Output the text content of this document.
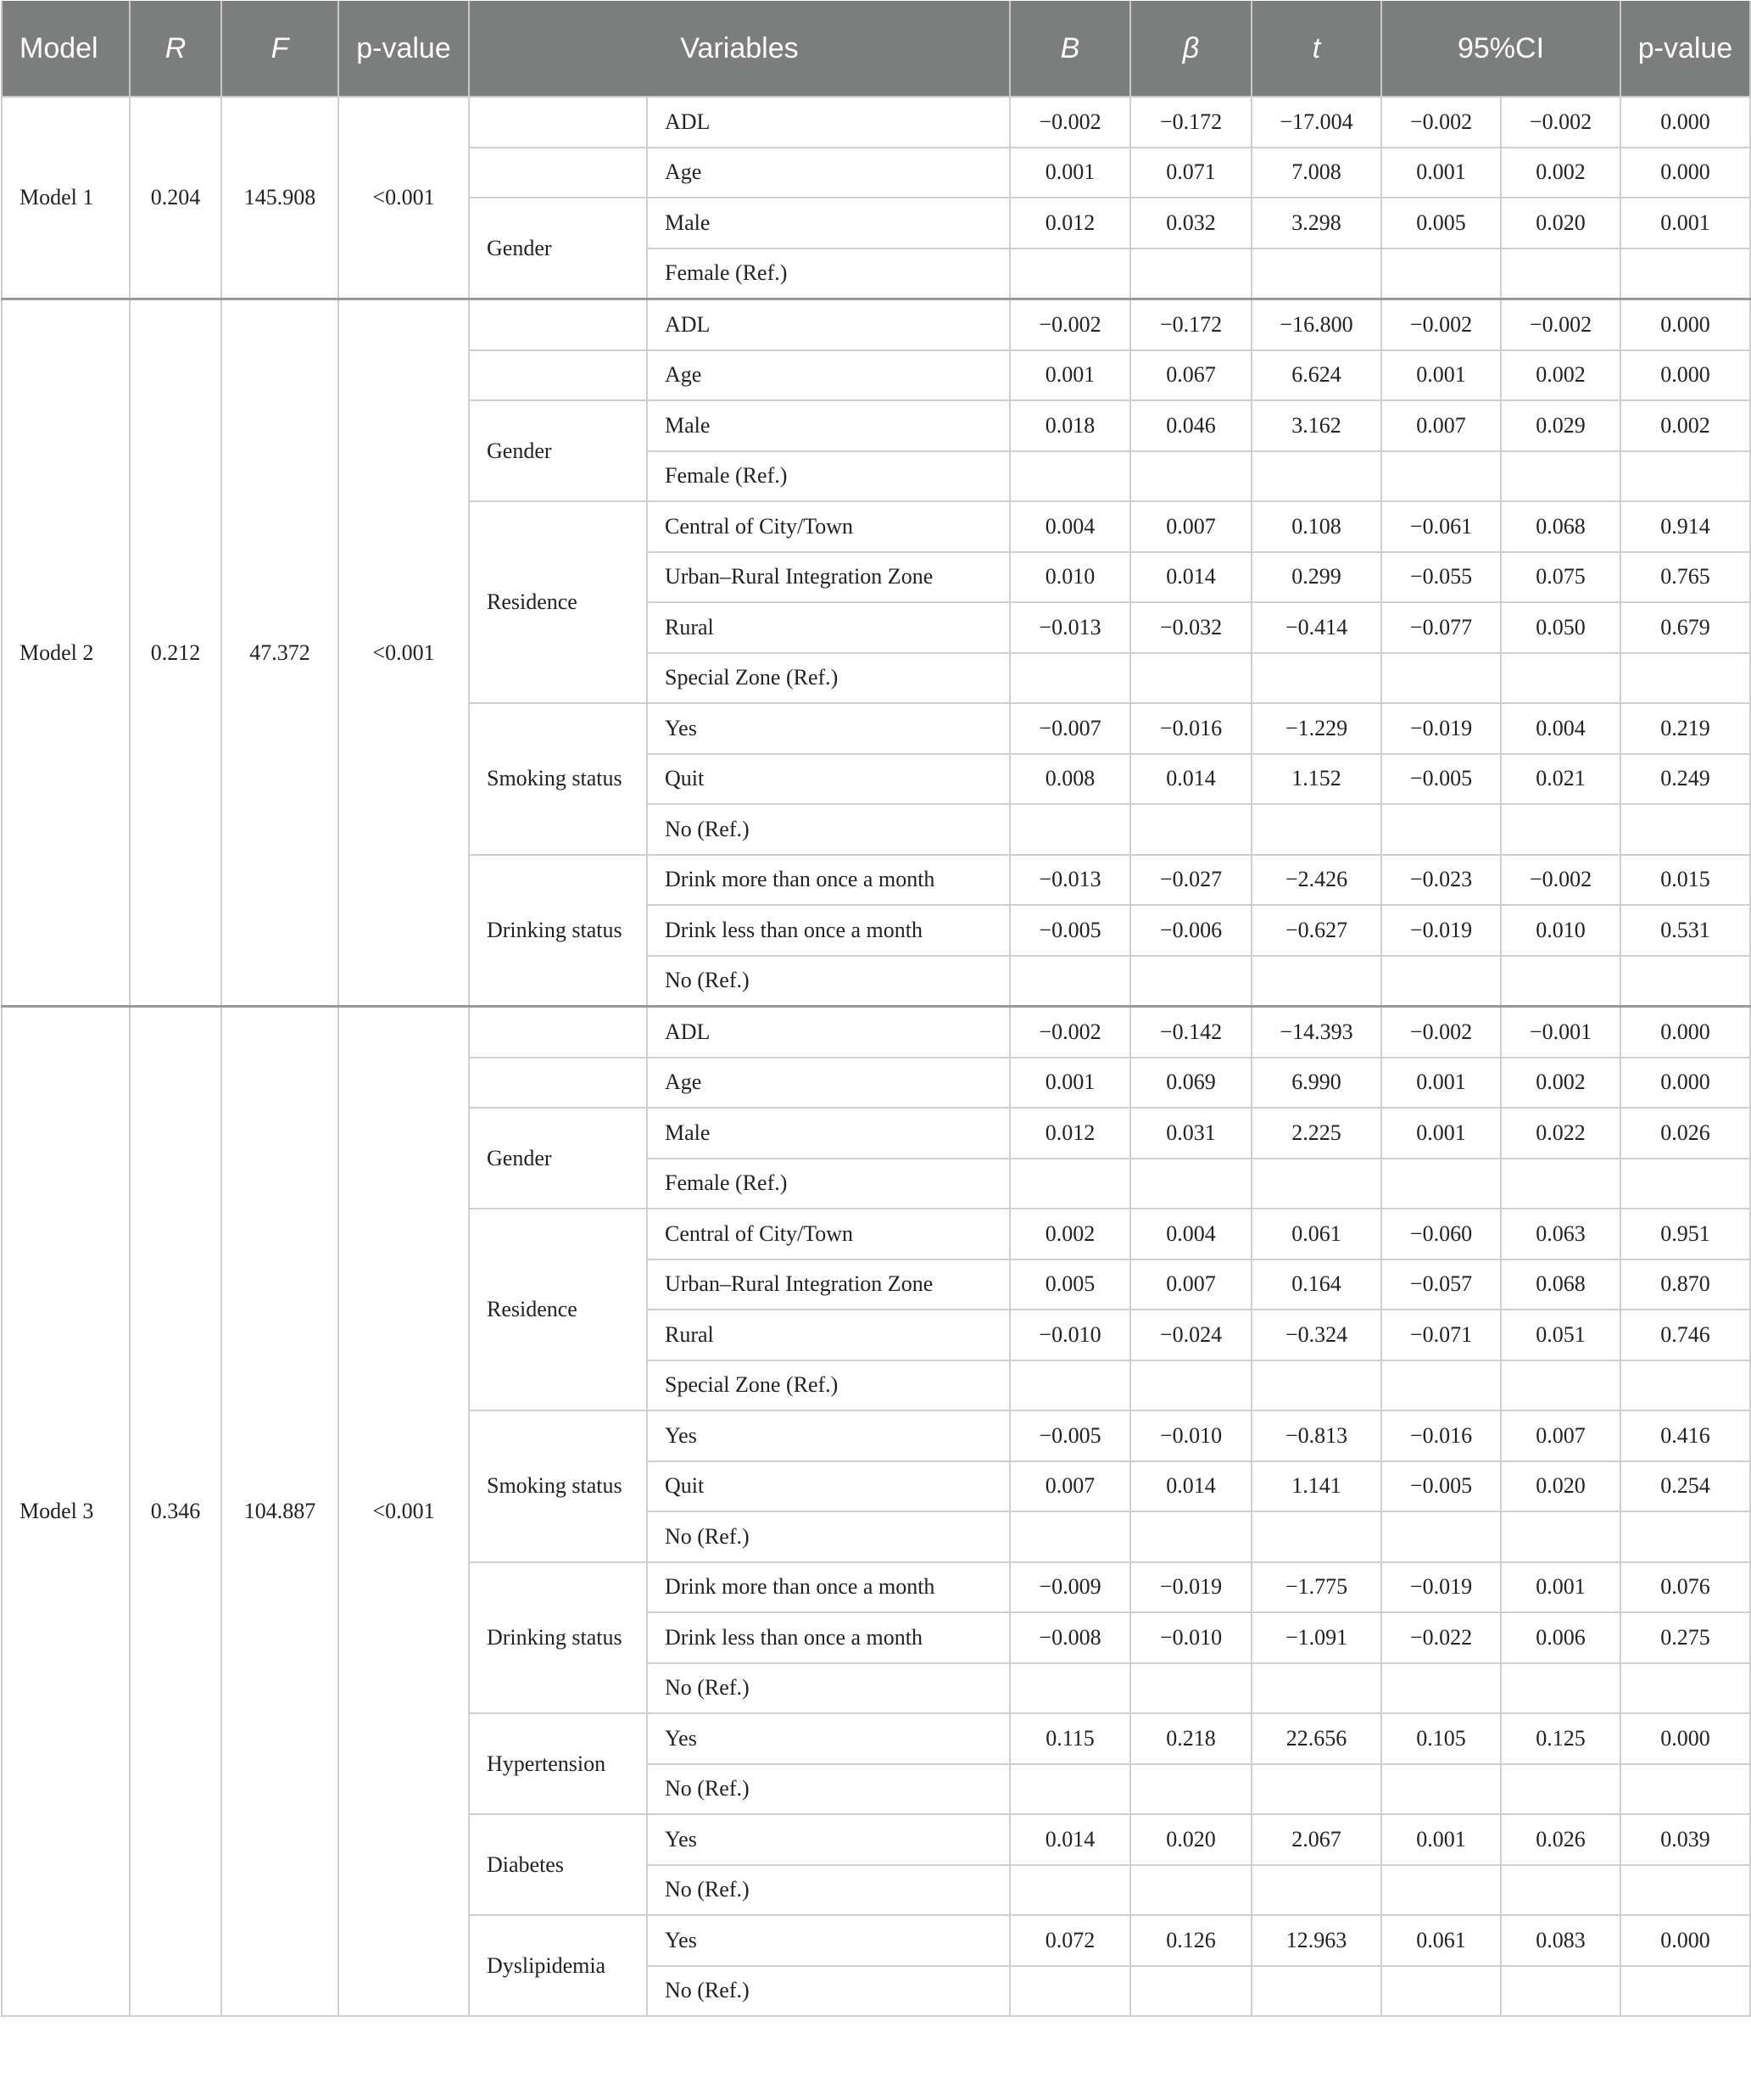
Model	R	F	p-value	Variables		B	β	t	95%CI		p-value
Model 1	0.204	145.908	<0.001		ADL	−0.002	−0.172	−17.004	−0.002	−0.002	0.000
					Age	0.001	0.071	7.008	0.001	0.002	0.000
				Gender	Male	0.012	0.032	3.298	0.005	0.020	0.001
					Female (Ref.)						
Model 2	0.212	47.372	<0.001		ADL	−0.002	−0.172	−16.800	−0.002	−0.002	0.000
					Age	0.001	0.067	6.624	0.001	0.002	0.000
				Gender	Male	0.018	0.046	3.162	0.007	0.029	0.002
					Female (Ref.)						
				Residence	Central of City/Town	0.004	0.007	0.108	−0.061	0.068	0.914
					Urban–Rural Integration Zone	0.010	0.014	0.299	−0.055	0.075	0.765
					Rural	−0.013	−0.032	−0.414	−0.077	0.050	0.679
					Special Zone (Ref.)						
				Smoking status	Yes	−0.007	−0.016	−1.229	−0.019	0.004	0.219
					Quit	0.008	0.014	1.152	−0.005	0.021	0.249
					No (Ref.)						
				Drinking status	Drink more than once a month	−0.013	−0.027	−2.426	−0.023	−0.002	0.015
					Drink less than once a month	−0.005	−0.006	−0.627	−0.019	0.010	0.531
					No (Ref.)						
Model 3	0.346	104.887	<0.001		ADL	−0.002	−0.142	−14.393	−0.002	−0.001	0.000
					Age	0.001	0.069	6.990	0.001	0.002	0.000
				Gender	Male	0.012	0.031	2.225	0.001	0.022	0.026
					Female (Ref.)						
				Residence	Central of City/Town	0.002	0.004	0.061	−0.060	0.063	0.951
					Urban–Rural Integration Zone	0.005	0.007	0.164	−0.057	0.068	0.870
					Rural	−0.010	−0.024	−0.324	−0.071	0.051	0.746
					Special Zone (Ref.)						
				Smoking status	Yes	−0.005	−0.010	−0.813	−0.016	0.007	0.416
					Quit	0.007	0.014	1.141	−0.005	0.020	0.254
					No (Ref.)						
				Drinking status	Drink more than once a month	−0.009	−0.019	−1.775	−0.019	0.001	0.076
					Drink less than once a month	−0.008	−0.010	−1.091	−0.022	0.006	0.275
					No (Ref.)						
				Hypertension	Yes	0.115	0.218	22.656	0.105	0.125	0.000
					No (Ref.)						
				Diabetes	Yes	0.014	0.020	2.067	0.001	0.026	0.039
					No (Ref.)						
				Dyslipidemia	Yes	0.072	0.126	12.963	0.061	0.083	0.000
					No (Ref.)						
